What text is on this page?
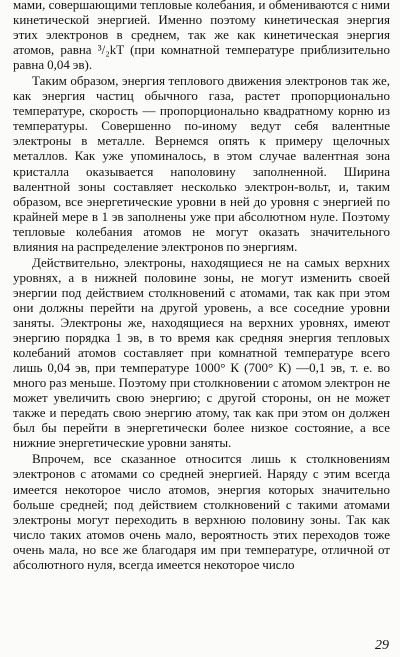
мами, совершающими тепловые колебания, и обмениваются с ними кинетической энергией. Именно поэтому кинетическая энергия этих электронов в среднем, так же как кинетическая энергия атомов, равна ³/₂kT (при комнатной температуре приблизительно равна 0,04 эв).

Таким образом, энергия теплового движения электронов так же, как энергия частиц обычного газа, растет пропорционально температуре, скорость — пропорционально квадратному корню из температуры. Совершенно по-иному ведут себя валентные электроны в металле. Вернемся опять к примеру щелочных металлов. Как уже упоминалось, в этом случае валентная зона кристалла оказывается наполовину заполненной. Ширина валентной зоны составляет несколько электрон-вольт, и, таким образом, все энергетические уровни в ней до уровня с энергией по крайней мере в 1 эв заполнены уже при абсолютном нуле. Поэтому тепловые колебания атомов не могут оказать значительного влияния на распределение электронов по энергиям.

Действительно, электроны, находящиеся не на самых верхних уровнях, а в нижней половине зоны, не могут изменить своей энергии под действием столкновений с атомами, так как при этом они должны перейти на другой уровень, а все соседние уровни заняты. Электроны же, находящиеся на верхних уровнях, имеют энергию порядка 1 эв, в то время как средняя энергия тепловых колебаний атомов составляет при комнатной температуре всего лишь 0,04 эв, при температуре 1000° К (700° К) —0,1 эв, т. е. во много раз меньше. Поэтому при столкновении с атомом электрон не может увеличить свою энергию; с другой стороны, он не может также и передать свою энергию атому, так как при этом он должен был бы перейти в энергетически более низкое состояние, а все нижние энергетические уровни заняты.

Впрочем, все сказанное относится лишь к столкновениям электронов с атомами со средней энергией. Наряду с этим всегда имеется некоторое число атомов, энергия которых значительно больше средней; под действием столкновений с такими атомами электроны могут переходить в верхнюю половину зоны. Так как число таких атомов очень мало, вероятность этих переходов тоже очень мала, но все же благодаря им при температуре, отличной от абсолютного нуля, всегда имеется некоторое число

29
